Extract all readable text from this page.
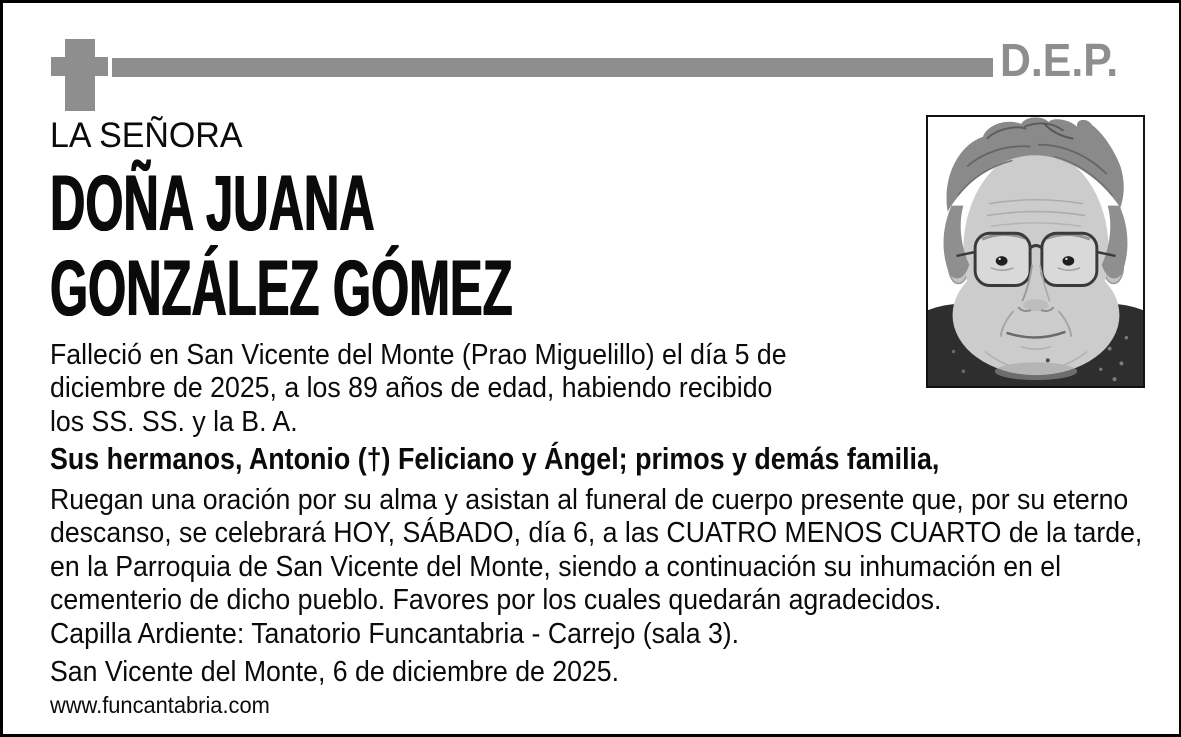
D.E.P.
LA SEÑORA
DOÑA JUANA
GONZÁLEZ GÓMEZ
Falleció en San Vicente del Monte (Prao Miguelillo) el día 5 de
diciembre de 2025, a los 89 años de edad, habiendo recibido
los SS. SS. y la B. A.
Sus hermanos, Antonio (†) Feliciano y Ángel; primos y demás familia,
Ruegan una oración por su alma y asistan al funeral de cuerpo presente que, por su eterno
descanso, se celebrará HOY, SÁBADO, día 6, a las CUATRO MENOS CUARTO de la tarde,
en la Parroquia de San Vicente del Monte, siendo a continuación su inhumación en el
cementerio de dicho pueblo. Favores por los cuales quedarán agradecidos.
Capilla Ardiente: Tanatorio Funcantabria - Carrejo (sala 3).
San Vicente del Monte, 6 de diciembre de 2025.
www.funcantabria.com
